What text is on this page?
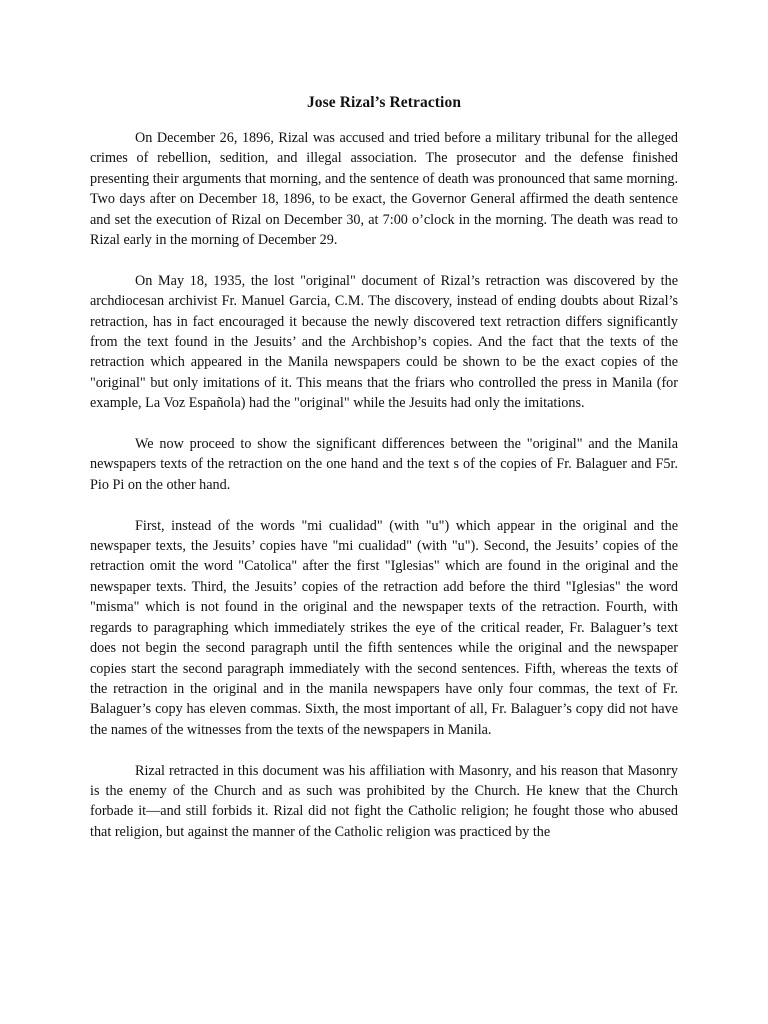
Jose Rizal’s Retraction

On December 26, 1896, Rizal was accused and tried before a military tribunal for the alleged crimes of rebellion, sedition, and illegal association. The prosecutor and the defense finished presenting their arguments that morning, and the sentence of death was pronounced that same morning. Two days after on December 18, 1896, to be exact, the Governor General affirmed the death sentence and set the execution of Rizal on December 30, at 7:00 o’clock in the morning. The death was read to Rizal early in the morning of December 29.

On May 18, 1935, the lost "original" document of Rizal’s retraction was discovered by the archdiocesan archivist Fr. Manuel Garcia, C.M. The discovery, instead of ending doubts about Rizal’s retraction, has in fact encouraged it because the newly discovered text retraction differs significantly from the text found in the Jesuits’ and the Archbishop’s copies. And the fact that the texts of the retraction which appeared in the Manila newspapers could be shown to be the exact copies of the "original" but only imitations of it. This means that the friars who controlled the press in Manila (for example, La Voz Española) had the "original" while the Jesuits had only the imitations.

We now proceed to show the significant differences between the "original" and the Manila newspapers texts of the retraction on the one hand and the text s of the copies of Fr. Balaguer and F5r. Pio Pi on the other hand.

First, instead of the words "mi cualidad" (with "u") which appear in the original and the newspaper texts, the Jesuits’ copies have "mi cualidad" (with "u"). Second, the Jesuits’ copies of the retraction omit the word "Catolica" after the first "Iglesias" which are found in the original and the newspaper texts. Third, the Jesuits’ copies of the retraction add before the third "Iglesias" the word "misma" which is not found in the original and the newspaper texts of the retraction. Fourth, with regards to paragraphing which immediately strikes the eye of the critical reader, Fr. Balaguer’s text does not begin the second paragraph until the fifth sentences while the original and the newspaper copies start the second paragraph immediately with the second sentences. Fifth, whereas the texts of the retraction in the original and in the manila newspapers have only four commas, the text of Fr. Balaguer’s copy has eleven commas. Sixth, the most important of all, Fr. Balaguer’s copy did not have the names of the witnesses from the texts of the newspapers in Manila.

Rizal retracted in this document was his affiliation with Masonry, and his reason that Masonry is the enemy of the Church and as such was prohibited by the Church. He knew that the Church forbade it—and still forbids it. Rizal did not fight the Catholic religion; he fought those who abused that religion, but against the manner of the Catholic religion was practiced by the
